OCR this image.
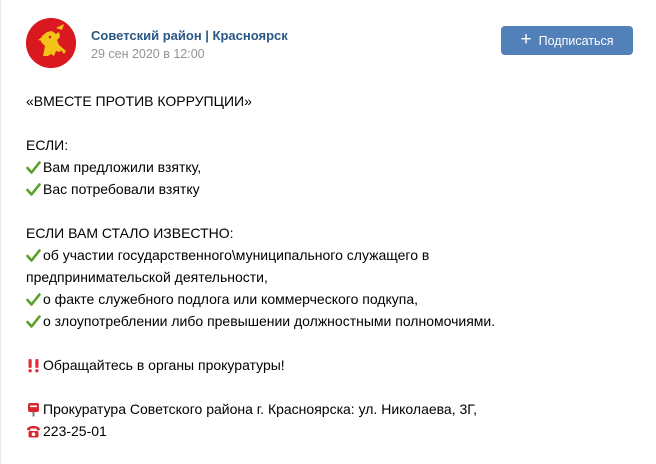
Советский район | Красноярск
29 сен 2020 в 12:00
+ Подписаться
«ВМЕСТЕ ПРОТИВ КОРРУПЦИИ»
ЕСЛИ:
Вам предложили взятку,
Вас потребовали взятку
ЕСЛИ ВАМ СТАЛО ИЗВЕСТНО:
об участии государственного\муниципального служащего в
предпринимательской деятельности,
о факте служебного подлога или коммерческого подкупа,
о злоупотреблении либо превышении должностными полномочиями.
Обращайтесь в органы прокуратуры!
Прокуратура Советского района г. Красноярска: ул. Николаева, 3Г,
223-25-01
